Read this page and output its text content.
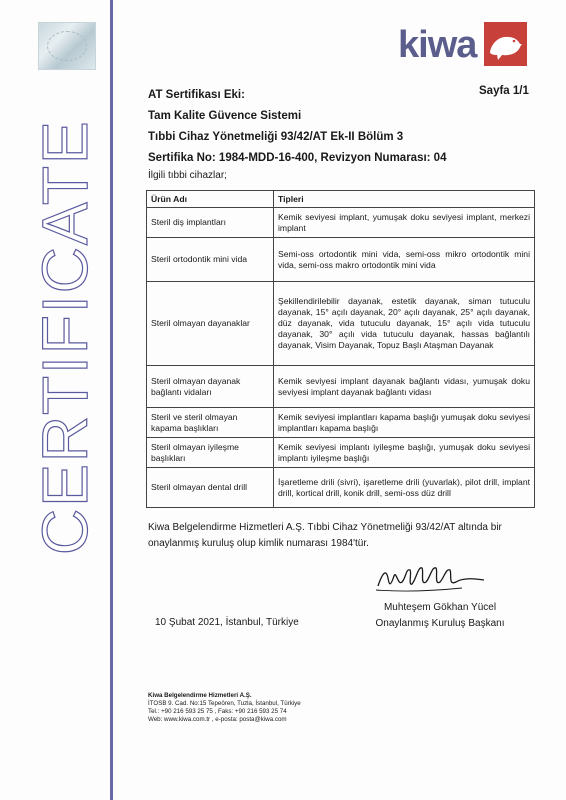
CERTIFICATE
kiwa
AT Sertifikası Eki:
Tam Kalite Güvence Sistemi
Tıbbi Cihaz Yönetmeliği 93/42/AT Ek-II Bölüm 3
Sertifika No: 1984-MDD-16-400, Revizyon Numarası: 04
Sayfa 1/1
İlgili tıbbi cihazlar;
Ürün Adı	Tipleri
Steril diş implantları	Kemik seviyesi implant, yumuşak doku seviyesi implant, merkezi implant
Steril ortodontik mini vida	Semi-oss ortodontik mini vida, semi-oss mikro ortodontik mini vida, semi-oss makro ortodontik mini vida
Steril olmayan dayanaklar	Şekillendirilebilir dayanak, estetik dayanak, siman tutuculu dayanak, 15° açılı dayanak, 20° açılı dayanak, 25° açılı dayanak, düz dayanak, vida tutuculu dayanak, 15° açılı vida tutuculu dayanak, 30° açılı vida tutuculu dayanak, hassas bağlantılı dayanak, Visim Dayanak, Topuz Başlı Ataşman Dayanak
Steril olmayan dayanak bağlantı vidaları	Kemik seviyesi implant dayanak bağlantı vidası, yumuşak doku seviyesi implant dayanak bağlantı vidası
Steril ve steril olmayan kapama başlıkları	Kemik seviyesi implantları kapama başlığı yumuşak doku seviyesi implantları kapama başlığı
Steril olmayan iyileşme başlıkları	Kemik seviyesi implantı iyileşme başlığı, yumuşak doku seviyesi implantı iyileşme başlığı
Steril olmayan dental drill	İşaretleme drili (sivri), işaretleme drili (yuvarlak), pilot drill, implant drill, kortical drill, konik drill, semi-oss düz drill
Kiwa Belgelendirme Hizmetleri A.Ş. Tıbbi Cihaz Yönetmeliği 93/42/AT altında bir onaylanmış kuruluş olup kimlik numarası 1984'tür.
Muhteşem Gökhan Yücel
Onaylanmış Kuruluş Başkanı
10 Şubat 2021, İstanbul, Türkiye
Kiwa Belgelendirme Hizmetleri A.Ş.
İTOSB 9. Cad. No:15 Tepeören, Tuzla, İstanbul, Türkiye
Tel.: +90 216 593 25 75 , Faks: +90 216 593 25 74
Web: www.kiwa.com.tr , e-posta: posta@kiwa.com
